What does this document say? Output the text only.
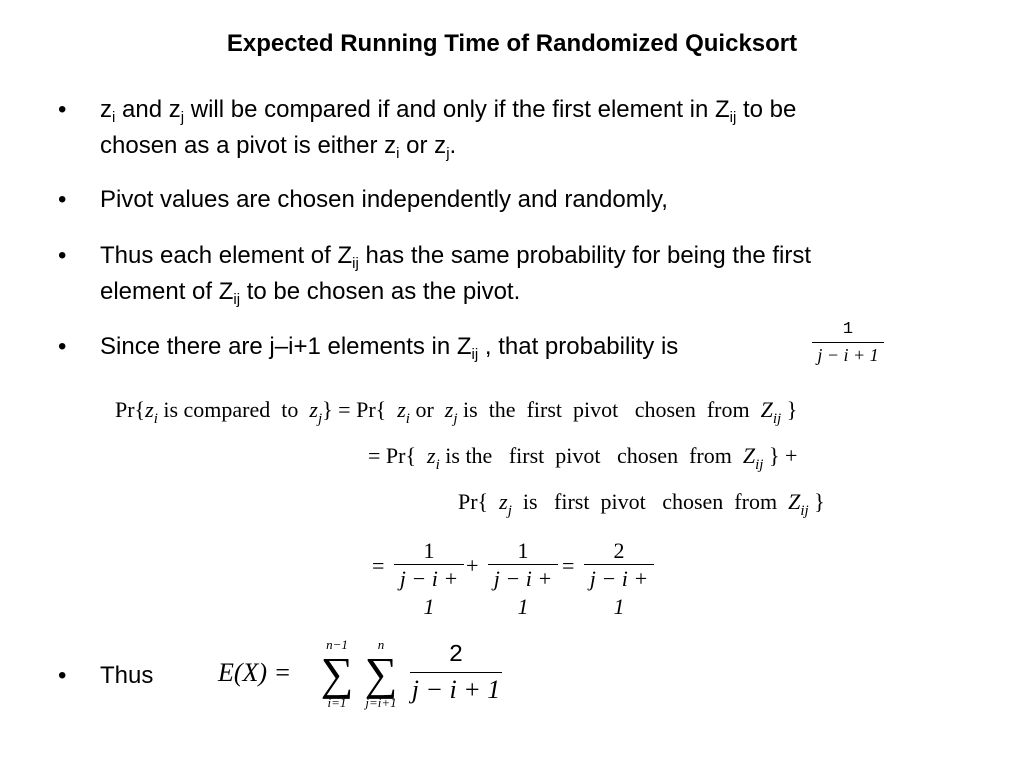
Expected Running Time of Randomized Quicksort
• $z_i$ and $z_j$ will be compared if and only if the first element in $Z_{ij}$ to be
chosen as a pivot is either $z_i$ or $z_j$.
• Pivot values are chosen independently and randomly,
• Thus each element of $Z_{ij}$ has the same probability for being the first
element of $Z_{ij}$ to be chosen as the pivot.
• Since there are j–i+1 elements in $Z_{ij}$ , that probability is
1
j − i + 1
$Pr\{z_i$ is compared  to  $z_j\} = Pr${  $z_i$ or  $z_j$ is  the  first  pivot   chosen  from  $Z_{ij}$ }
= Pr{  $z_i$ is the   first  pivot   chosen  from  $Z_{ij}$ } +
Pr{  $z_j$  is   first  pivot   chosen  from  $Z_{ij}$ }
=
1
j − i + 1
+
1
j − i + 1
=
2
j − i + 1
• Thus	E(X) =
n−1
∑
i=1
n
∑
j=i+1
2
j − i + 1
